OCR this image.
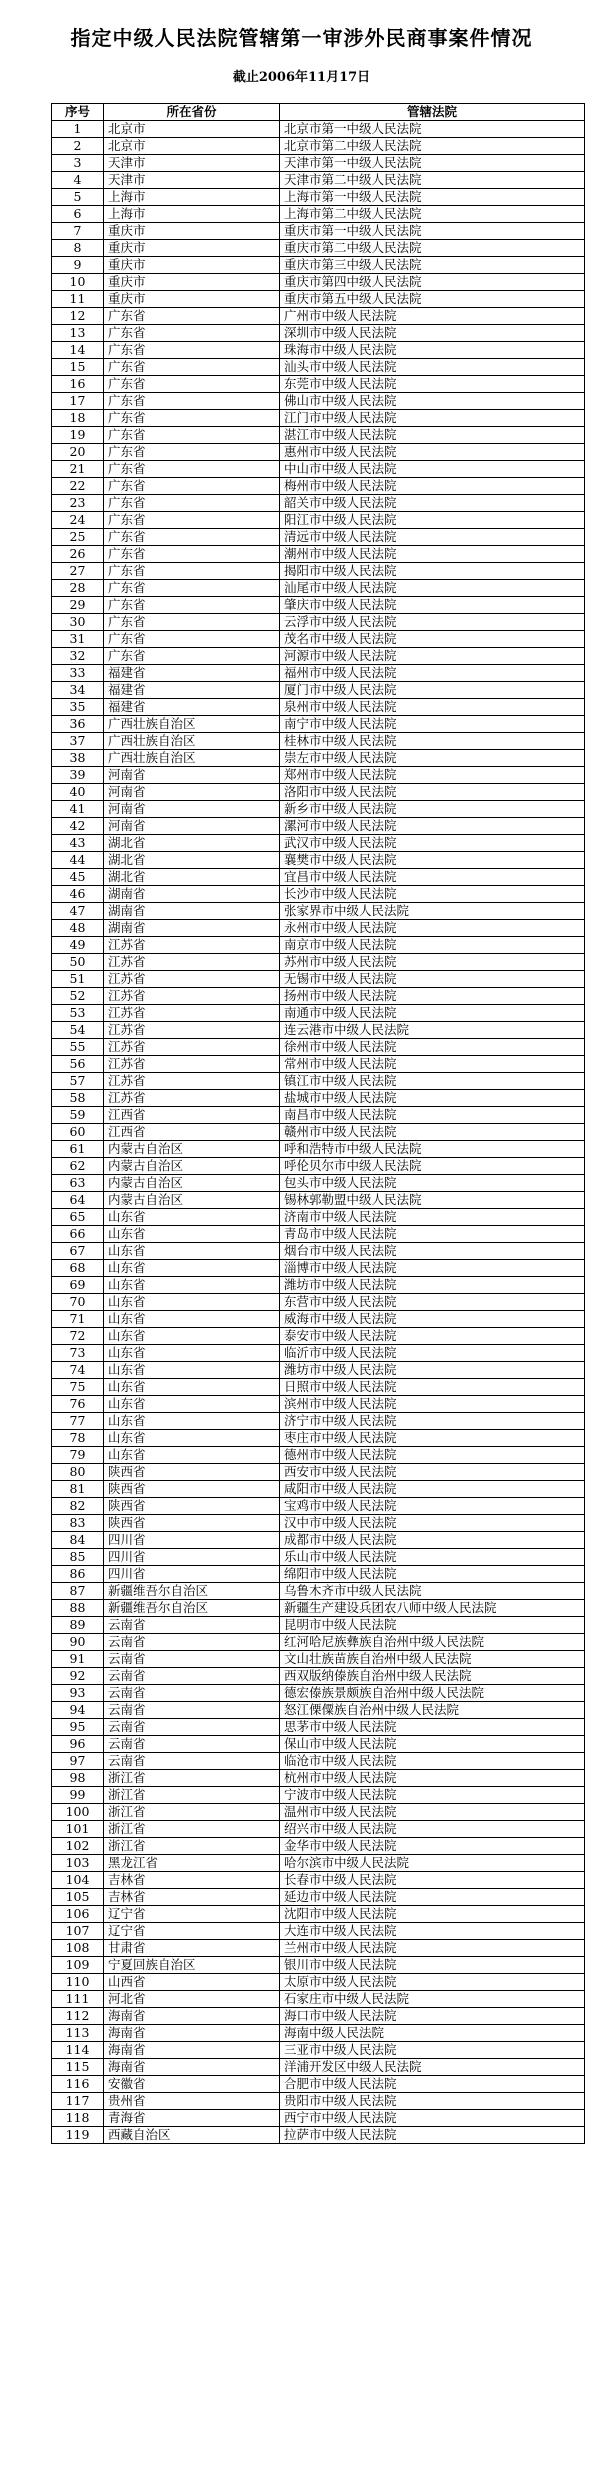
指定中级人民法院管辖第一审涉外民商事案件情况
截止2006年11月17日
序号	所在省份	管辖法院
1	北京市	北京市第一中级人民法院
2	北京市	北京市第二中级人民法院
3	天津市	天津市第一中级人民法院
4	天津市	天津市第二中级人民法院
5	上海市	上海市第一中级人民法院
6	上海市	上海市第二中级人民法院
7	重庆市	重庆市第一中级人民法院
8	重庆市	重庆市第二中级人民法院
9	重庆市	重庆市第三中级人民法院
10	重庆市	重庆市第四中级人民法院
11	重庆市	重庆市第五中级人民法院
12	广东省	广州市中级人民法院
13	广东省	深圳市中级人民法院
14	广东省	珠海市中级人民法院
15	广东省	汕头市中级人民法院
16	广东省	东莞市中级人民法院
17	广东省	佛山市中级人民法院
18	广东省	江门市中级人民法院
19	广东省	湛江市中级人民法院
20	广东省	惠州市中级人民法院
21	广东省	中山市中级人民法院
22	广东省	梅州市中级人民法院
23	广东省	韶关市中级人民法院
24	广东省	阳江市中级人民法院
25	广东省	清远市中级人民法院
26	广东省	潮州市中级人民法院
27	广东省	揭阳市中级人民法院
28	广东省	汕尾市中级人民法院
29	广东省	肇庆市中级人民法院
30	广东省	云浮市中级人民法院
31	广东省	茂名市中级人民法院
32	广东省	河源市中级人民法院
33	福建省	福州市中级人民法院
34	福建省	厦门市中级人民法院
35	福建省	泉州市中级人民法院
36	广西壮族自治区	南宁市中级人民法院
37	广西壮族自治区	桂林市中级人民法院
38	广西壮族自治区	崇左市中级人民法院
39	河南省	郑州市中级人民法院
40	河南省	洛阳市中级人民法院
41	河南省	新乡市中级人民法院
42	河南省	漯河市中级人民法院
43	湖北省	武汉市中级人民法院
44	湖北省	襄樊市中级人民法院
45	湖北省	宜昌市中级人民法院
46	湖南省	长沙市中级人民法院
47	湖南省	张家界市中级人民法院
48	湖南省	永州市中级人民法院
49	江苏省	南京市中级人民法院
50	江苏省	苏州市中级人民法院
51	江苏省	无锡市中级人民法院
52	江苏省	扬州市中级人民法院
53	江苏省	南通市中级人民法院
54	江苏省	连云港市中级人民法院
55	江苏省	徐州市中级人民法院
56	江苏省	常州市中级人民法院
57	江苏省	镇江市中级人民法院
58	江苏省	盐城市中级人民法院
59	江西省	南昌市中级人民法院
60	江西省	赣州市中级人民法院
61	内蒙古自治区	呼和浩特市中级人民法院
62	内蒙古自治区	呼伦贝尔市中级人民法院
63	内蒙古自治区	包头市中级人民法院
64	内蒙古自治区	锡林郭勒盟中级人民法院
65	山东省	济南市中级人民法院
66	山东省	青岛市中级人民法院
67	山东省	烟台市中级人民法院
68	山东省	淄博市中级人民法院
69	山东省	潍坊市中级人民法院
70	山东省	东营市中级人民法院
71	山东省	威海市中级人民法院
72	山东省	泰安市中级人民法院
73	山东省	临沂市中级人民法院
74	山东省	潍坊市中级人民法院
75	山东省	日照市中级人民法院
76	山东省	滨州市中级人民法院
77	山东省	济宁市中级人民法院
78	山东省	枣庄市中级人民法院
79	山东省	德州市中级人民法院
80	陕西省	西安市中级人民法院
81	陕西省	咸阳市中级人民法院
82	陕西省	宝鸡市中级人民法院
83	陕西省	汉中市中级人民法院
84	四川省	成都市中级人民法院
85	四川省	乐山市中级人民法院
86	四川省	绵阳市中级人民法院
87	新疆维吾尔自治区	乌鲁木齐市中级人民法院
88	新疆维吾尔自治区	新疆生产建设兵团农八师中级人民法院
89	云南省	昆明市中级人民法院
90	云南省	红河哈尼族彝族自治州中级人民法院
91	云南省	文山壮族苗族自治州中级人民法院
92	云南省	西双版纳傣族自治州中级人民法院
93	云南省	德宏傣族景颇族自治州中级人民法院
94	云南省	怒江傈僳族自治州中级人民法院
95	云南省	思茅市中级人民法院
96	云南省	保山市中级人民法院
97	云南省	临沧市中级人民法院
98	浙江省	杭州市中级人民法院
99	浙江省	宁波市中级人民法院
100	浙江省	温州市中级人民法院
101	浙江省	绍兴市中级人民法院
102	浙江省	金华市中级人民法院
103	黑龙江省	哈尔滨市中级人民法院
104	吉林省	长春市中级人民法院
105	吉林省	延边市中级人民法院
106	辽宁省	沈阳市中级人民法院
107	辽宁省	大连市中级人民法院
108	甘肃省	兰州市中级人民法院
109	宁夏回族自治区	银川市中级人民法院
110	山西省	太原市中级人民法院
111	河北省	石家庄市中级人民法院
112	海南省	海口市中级人民法院
113	海南省	海南中级人民法院
114	海南省	三亚市中级人民法院
115	海南省	洋浦开发区中级人民法院
116	安徽省	合肥市中级人民法院
117	贵州省	贵阳市中级人民法院
118	青海省	西宁市中级人民法院
119	西藏自治区	拉萨市中级人民法院
